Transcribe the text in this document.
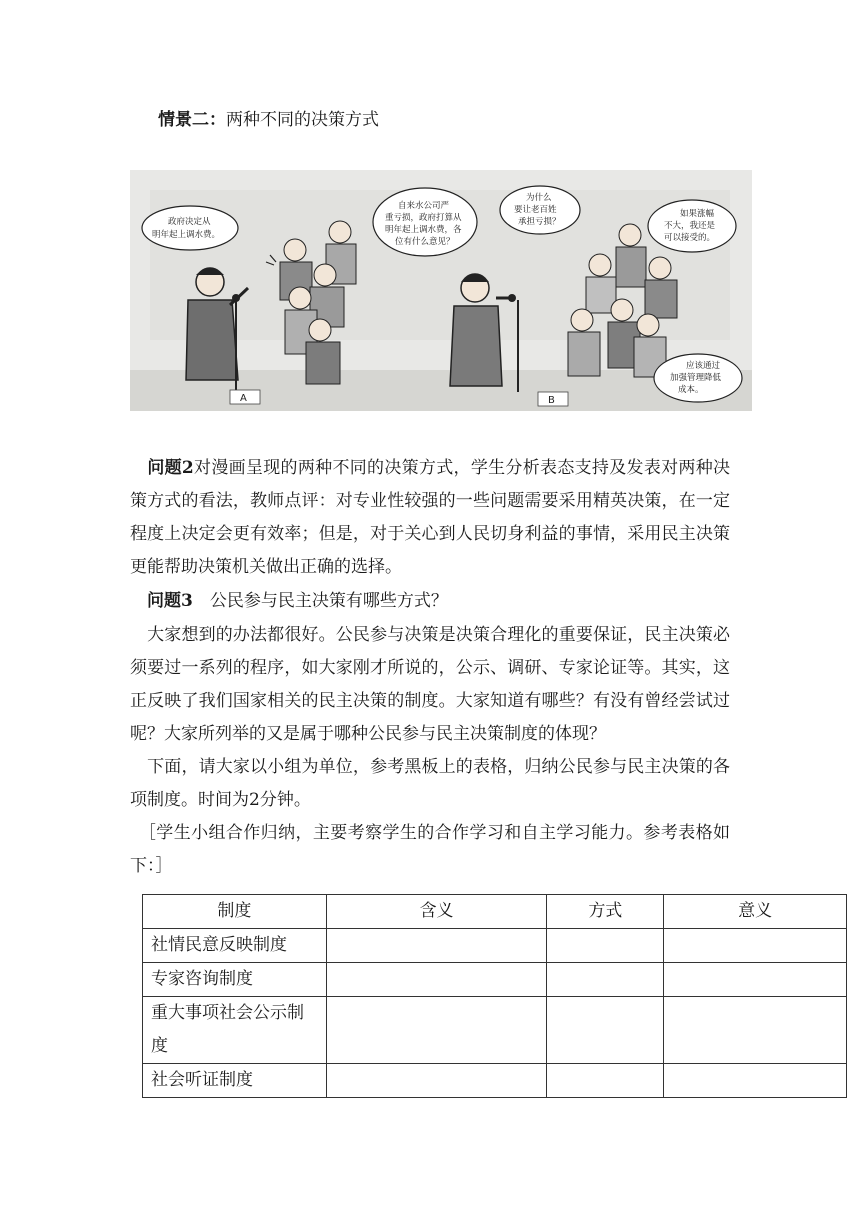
情景二：两种不同的决策方式
政府决定从
明年起上调水费。
A
自来水公司严
重亏损，政府打算从
明年起上调水费，各
位有什么意见？
为什么
要让老百姓
承担亏损？
如果涨幅
不大，我还是
可以接受的。
应该通过
加强管理降低
成本。
B

　问题2对漫画呈现的两种不同的决策方式，学生分析表态支持及发表对两种决策方式的看法，教师点评：对专业性较强的一些问题需要采用精英决策，在一定程度上决定会更有效率；但是，对于关心到人民切身利益的事情，采用民主决策更能帮助决策机关做出正确的选择。

　问题3　公民参与民主决策有哪些方式？

　大家想到的办法都很好。公民参与决策是决策合理化的重要保证，民主决策必须要过一系列的程序，如大家刚才所说的，公示、调研、专家论证等。其实，这正反映了我们国家相关的民主决策的制度。大家知道有哪些？有没有曾经尝试过呢？大家所列举的又是属于哪种公民参与民主决策制度的体现？

　下面，请大家以小组为单位，参考黑板上的表格，归纳公民参与民主决策的各项制度。时间为2分钟。

　［学生小组合作归纳，主要考察学生的合作学习和自主学习能力。参考表格如下：］

制度	含义	方式	意义
社情民意反映制度			
专家咨询制度			
重大事项社会公示制度			
社会听证制度			
